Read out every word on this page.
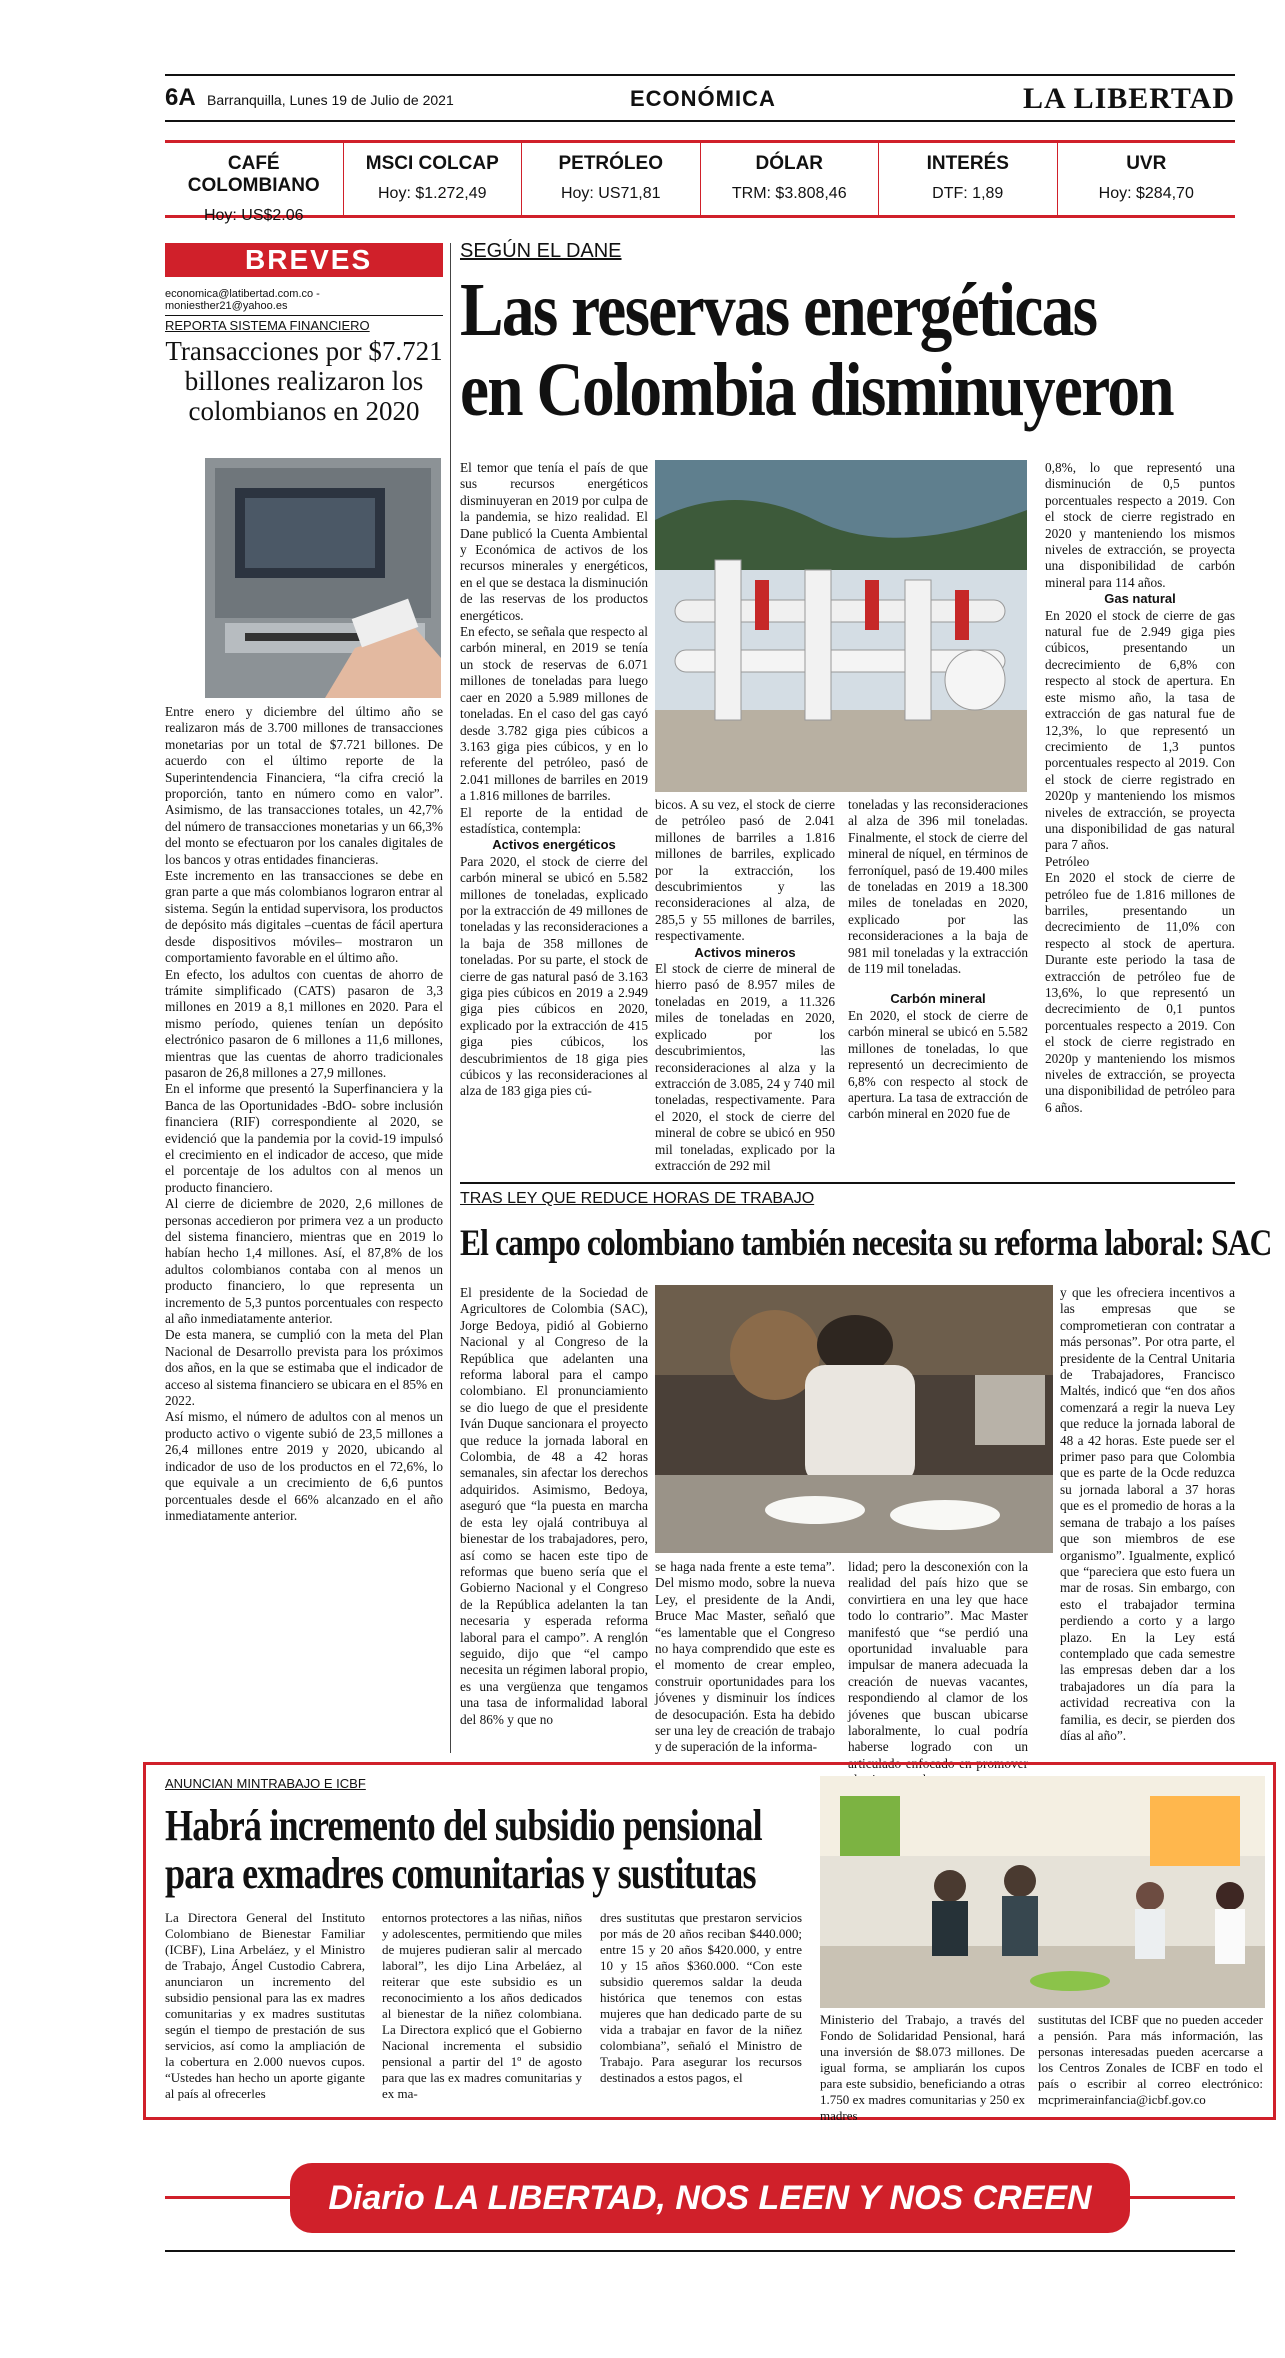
6A Barranquilla, Lunes 19 de Julio de 2021	ECONÓMICA	LA LIBERTAD
CAFÉ COLOMBIANO
Hoy: US$2.06
MSCI COLCAP
Hoy: $1.272,49
PETRÓLEO
Hoy: US71,81
DÓLAR
TRM: $3.808,46
INTERÉS
DTF: 1,89
UVR
Hoy: $284,70
BREVES
economica@latibertad.com.co - moniesther21@yahoo.es
REPORTA SISTEMA FINANCIERO
Transacciones por $7.721 billones realizaron los colombianos en 2020

Entre enero y diciembre del último año se realizaron más de 3.700 millones de transacciones monetarias por un total de $7.721 billones. De acuerdo con el último reporte de la Superintendencia Financiera, “la cifra creció la proporción, tanto en número como en valor”. Asimismo, de las transacciones totales, un 42,7% del número de transacciones monetarias y un 66,3% del monto se efectuaron por los canales digitales de los bancos y otras entidades financieras.

Este incremento en las transacciones se debe en gran parte a que más colombianos lograron entrar al sistema. Según la entidad supervisora, los productos de depósito más digitales –cuentas de fácil apertura desde dispositivos móviles– mostraron un comportamiento favorable en el último año.

En efecto, los adultos con cuentas de ahorro de trámite simplificado (CATS) pasaron de 3,3 millones en 2019 a 8,1 millones en 2020. Para el mismo período, quienes tenían un depósito electrónico pasaron de 6 millones a 11,6 millones, mientras que las cuentas de ahorro tradicionales pasaron de 26,8 millones a 27,9 millones.

En el informe que presentó la Superfinanciera y la Banca de las Oportunidades -BdO- sobre inclusión financiera (RIF) correspondiente al 2020, se evidenció que la pandemia por la covid-19 impulsó el crecimiento en el indicador de acceso, que mide el porcentaje de los adultos con al menos un producto financiero.

Al cierre de diciembre de 2020, 2,6 millones de personas accedieron por primera vez a un producto del sistema financiero, mientras que en 2019 lo habían hecho 1,4 millones. Así, el 87,8% de los adultos colombianos contaba con al menos un producto financiero, lo que representa un incremento de 5,3 puntos porcentuales con respecto al año inmediatamente anterior.

De esta manera, se cumplió con la meta del Plan Nacional de Desarrollo prevista para los próximos dos años, en la que se estimaba que el indicador de acceso al sistema financiero se ubicara en el 85% en 2022.

Así mismo, el número de adultos con al menos un producto activo o vigente subió de 23,5 millones a 26,4 millones entre 2019 y 2020, ubicando al indicador de uso de los productos en el 72,6%, lo que equivale a un crecimiento de 6,6 puntos porcentuales desde el 66% alcanzado en el año inmediatamente anterior.

SEGÚN EL DANE
Las reservas energéticas
en Colombia disminuyeron

El temor que tenía el país de que sus recursos energéticos disminuyeran en 2019 por culpa de la pandemia, se hizo realidad. El Dane publicó la Cuenta Ambiental y Económica de activos de los recursos minerales y energéticos, en el que se destaca la disminución de las reservas de los productos energéticos.

En efecto, se señala que respecto al carbón mineral, en 2019 se tenía un stock de reservas de 6.071 millones de toneladas para luego caer en 2020 a 5.989 millones de toneladas. En el caso del gas cayó desde 3.782 giga pies cúbicos a 3.163 giga pies cúbicos, y en lo referente del petróleo, pasó de 2.041 millones de barriles en 2019 a 1.816 millones de barriles.

El reporte de la entidad de estadística, contempla:

Activos energéticos

Para 2020, el stock de cierre del carbón mineral se ubicó en 5.582 millones de toneladas, explicado por la extracción de 49 millones de toneladas y las reconsideraciones a la baja de 358 millones de toneladas. Por su parte, el stock de cierre de gas natural pasó de 3.163 giga pies cúbicos en 2019 a 2.949 giga pies cúbicos en 2020, explicado por la extracción de 415 giga pies cúbicos, los descubrimientos de 18 giga pies cúbicos y las reconsideraciones al alza de 183 giga pies cú-

bicos. A su vez, el stock de cierre de petróleo pasó de 2.041 millones de barriles a 1.816 millones de barriles, explicado por la extracción, los descubrimientos y las reconsideraciones al alza, de 285,5 y 55 millones de barriles, respectivamente.

Activos mineros

El stock de cierre de mineral de hierro pasó de 8.957 miles de toneladas en 2019, a 11.326 miles de toneladas en 2020, explicado por los descubrimientos, las reconsideraciones al alza y la extracción de 3.085, 24 y 740 mil toneladas, respectivamente. Para el 2020, el stock de cierre del mineral de cobre se ubicó en 950 mil toneladas, explicado por la extracción de 292 mil

toneladas y las reconsideraciones al alza de 396 mil toneladas. Finalmente, el stock de cierre del mineral de níquel, en términos de ferroníquel, pasó de 19.400 miles de toneladas en 2019 a 18.300 miles de toneladas en 2020, explicado por las reconsideraciones a la baja de 981 mil toneladas y la extracción de 119 mil toneladas.

Carbón mineral

En 2020, el stock de cierre de carbón mineral se ubicó en 5.582 millones de toneladas, lo que representó un decrecimiento de 6,8% con respecto al stock de apertura. La tasa de extracción de carbón mineral en 2020 fue de

0,8%, lo que representó una disminución de 0,5 puntos porcentuales respecto a 2019. Con el stock de cierre registrado en 2020 y manteniendo los mismos niveles de extracción, se proyecta una disponibilidad de carbón mineral para 114 años.

Gas natural

En 2020 el stock de cierre de gas natural fue de 2.949 giga pies cúbicos, presentando un decrecimiento de 6,8% con respecto al stock de apertura. En este mismo año, la tasa de extracción de gas natural fue de 12,3%, lo que representó un crecimiento de 1,3 puntos porcentuales respecto al 2019. Con el stock de cierre registrado en 2020p y manteniendo los mismos niveles de extracción, se proyecta una disponibilidad de gas natural para 7 años.

Petróleo

En 2020 el stock de cierre de petróleo fue de 1.816 millones de barriles, presentando un decrecimiento de 11,0% con respecto al stock de apertura. Durante este periodo la tasa de extracción de petróleo fue de 13,6%, lo que representó un decrecimiento de 0,1 puntos porcentuales respecto a 2019. Con el stock de cierre registrado en 2020p y manteniendo los mismos niveles de extracción, se proyecta una disponibilidad de petróleo para 6 años.

TRAS LEY QUE REDUCE HORAS DE TRABAJO
El campo colombiano también necesita su reforma laboral: SAC

El presidente de la Sociedad de Agricultores de Colombia (SAC), Jorge Bedoya, pidió al Gobierno Nacional y al Congreso de la República que adelanten una reforma laboral para el campo colombiano. El pronunciamiento se dio luego de que el presidente Iván Duque sancionara el proyecto que reduce la jornada laboral en Colombia, de 48 a 42 horas semanales, sin afectar los derechos adquiridos. Asimismo, Bedoya, aseguró que “la puesta en marcha de esta ley ojalá contribuya al bienestar de los trabajadores, pero, así como se hacen este tipo de reformas que bueno sería que el Gobierno Nacional y el Congreso de la República adelanten la tan necesaria y esperada reforma laboral para el campo”. A renglón seguido, dijo que “el campo necesita un régimen laboral propio, es una vergüenza que tengamos una tasa de informalidad laboral del 86% y que no

se haga nada frente a este tema”. Del mismo modo, sobre la nueva Ley, el presidente de la Andi, Bruce Mac Master, señaló que “es lamentable que el Congreso no haya comprendido que este es el momento de crear empleo, construir oportunidades para los jóvenes y disminuir los índices de desocupación. Esta ha debido ser una ley de creación de trabajo y de superación de la informa-

lidad; pero la desconexión con la realidad del país hizo que se convirtiera en una ley que hace todo lo contrario”. Mac Master manifestó que “se perdió una oportunidad invaluable para impulsar de manera adecuada la creación de nuevas vacantes, respondiendo al clamor de los jóvenes que buscan ubicarse laboralmente, lo cual podría haberse logrado con un articulado enfocado en promover

y que les ofreciera incentivos a las empresas que se comprometieran con contratar a más personas”. Por otra parte, el presidente de la Central Unitaria de Trabajadores, Francisco Maltés, indicó que “en dos años comenzará a regir la nueva Ley que reduce la jornada laboral de 48 a 42 horas. Este puede ser el primer paso para que Colombia que es parte de la Ocde reduzca su jornada laboral a 37 horas que es el promedio de horas a la semana de trabajo a los países que son miembros de ese organismo”. Igualmente, explicó que “pareciera que esto fuera un mar de rosas. Sin embargo, con esto el trabajador termina perdiendo a corto y a largo plazo. En la Ley está contemplado que cada semestre las empresas deben dar a los trabajadores un día para la actividad recreativa con la familia, es decir, se pierden dos días al año”.

ANUNCIAN MINTRABAJO E ICBF
Habrá incremento del subsidio pensional
para exmadres comunitarias y sustitutas

La Directora General del Instituto Colombiano de Bienestar Familiar (ICBF), Lina Arbeláez, y el Ministro de Trabajo, Ángel Custodio Cabrera, anunciaron un incremento del subsidio pensional para las ex madres comunitarias y ex madres sustitutas según el tiempo de prestación de sus servicios, así como la ampliación de la cobertura en 2.000 nuevos cupos. “Ustedes han hecho un aporte gigante al país al ofrecerles

entornos protectores a las niñas, niños y adolescentes, permitiendo que miles de mujeres pudieran salir al mercado laboral”, les dijo Lina Arbeláez, al reiterar que este subsidio es un reconocimiento a los años dedicados al bienestar de la niñez colombiana. La Directora explicó que el Gobierno Nacional incrementa el subsidio pensional a partir del 1º de agosto para que las ex madres comunitarias y ex ma-

dres sustitutas que prestaron servicios por más de 20 años reciban $440.000; entre 15 y 20 años $420.000, y entre 10 y 15 años $360.000. “Con este subsidio queremos saldar la deuda histórica que tenemos con estas mujeres que han dedicado parte de su vida a trabajar en favor de la niñez colombiana”, señaló el Ministro de Trabajo. Para asegurar los recursos destinados a estos pagos, el

Ministerio del Trabajo, a través del Fondo de Solidaridad Pensional, hará una inversión de $8.073 millones. De igual forma, se ampliarán los cupos para este subsidio, beneficiando a otras 1.750 ex madres comunitarias y 250 ex madres

sustitutas del ICBF que no pueden acceder a pensión. Para más información, las personas interesadas pueden acercarse a los Centros Zonales de ICBF en todo el país o escribir al correo electrónico: mcprimerainfancia@icbf.gov.co

Diario LA LIBERTAD, NOS LEEN Y NOS CREEN
